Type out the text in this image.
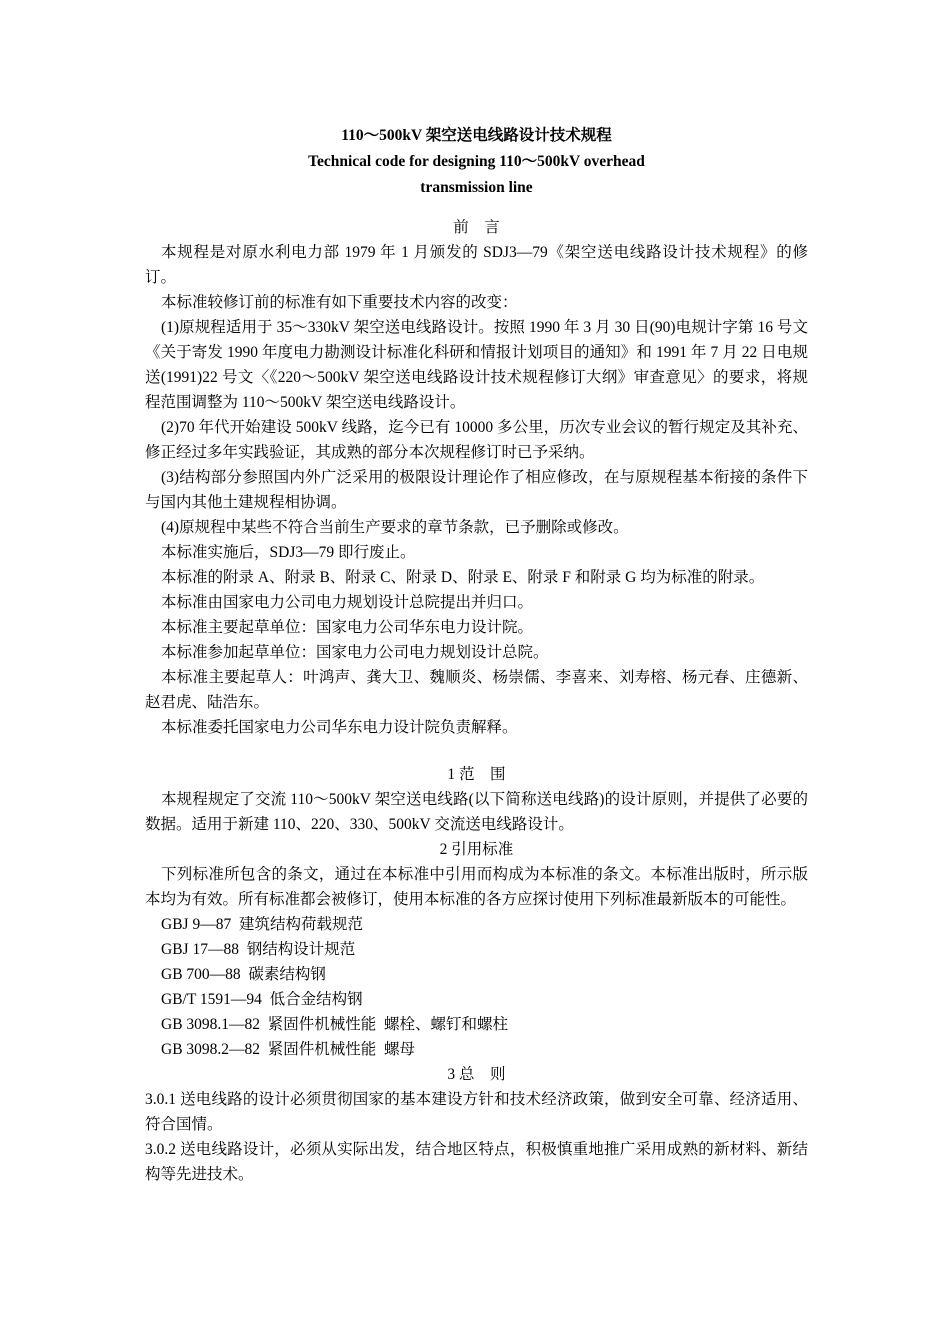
110～500kV 架空送电线路设计技术规程
Technical code for designing 110～500kV overhead
transmission line
前　言

本规程是对原水利电力部 1979 年 1 月颁发的 SDJ3—79《架空送电线路设计技术规程》的修订。

本标准较修订前的标准有如下重要技术内容的改变：

(1)原规程适用于 35～330kV 架空送电线路设计。按照 1990 年 3 月 30 日(90)电规计字第 16 号文《关于寄发 1990 年度电力勘测设计标准化科研和情报计划项目的通知》和 1991 年 7 月 22 日电规送(1991)22 号文〈《220～500kV 架空送电线路设计技术规程修订大纲》审查意见〉的要求，将规程范围调整为 110～500kV 架空送电线路设计。

(2)70 年代开始建设 500kV 线路，迄今已有 10000 多公里，历次专业会议的暂行规定及其补充、修正经过多年实践验证，其成熟的部分本次规程修订时已予采纳。

(3)结构部分参照国内外广泛采用的极限设计理论作了相应修改，在与原规程基本衔接的条件下与国内其他土建规程相协调。

(4)原规程中某些不符合当前生产要求的章节条款，已予删除或修改。

本标准实施后，SDJ3—79 即行废止。

本标准的附录 A、附录 B、附录 C、附录 D、附录 E、附录 F 和附录 G 均为标准的附录。

本标准由国家电力公司电力规划设计总院提出并归口。

本标准主要起草单位：国家电力公司华东电力设计院。

本标准参加起草单位：国家电力公司电力规划设计总院。

本标准主要起草人：叶鸿声、龚大卫、魏顺炎、杨崇儒、李喜来、刘寿榕、杨元春、庄德新、赵君虎、陆浩东。

本标准委托国家电力公司华东电力设计院负责解释。

1 范　围

本规程规定了交流 110～500kV 架空送电线路(以下简称送电线路)的设计原则，并提供了必要的数据。适用于新建 110、220、330、500kV 交流送电线路设计。

2 引用标准

下列标准所包含的条文，通过在本标准中引用而构成为本标准的条文。本标准出版时，所示版本均为有效。所有标准都会被修订，使用本标准的各方应探讨使用下列标准最新版本的可能性。

GBJ 9—87  建筑结构荷载规范
GBJ 17—88  钢结构设计规范
GB 700—88  碳素结构钢
GB/T 1591—94  低合金结构钢
GB 3098.1—82  紧固件机械性能  螺栓、螺钉和螺柱
GB 3098.2—82  紧固件机械性能  螺母
3 总　则

3.0.1 送电线路的设计必须贯彻国家的基本建设方针和技术经济政策，做到安全可靠、经济适用、符合国情。

3.0.2 送电线路设计，必须从实际出发，结合地区特点，积极慎重地推广采用成熟的新材料、新结构等先进技术。
